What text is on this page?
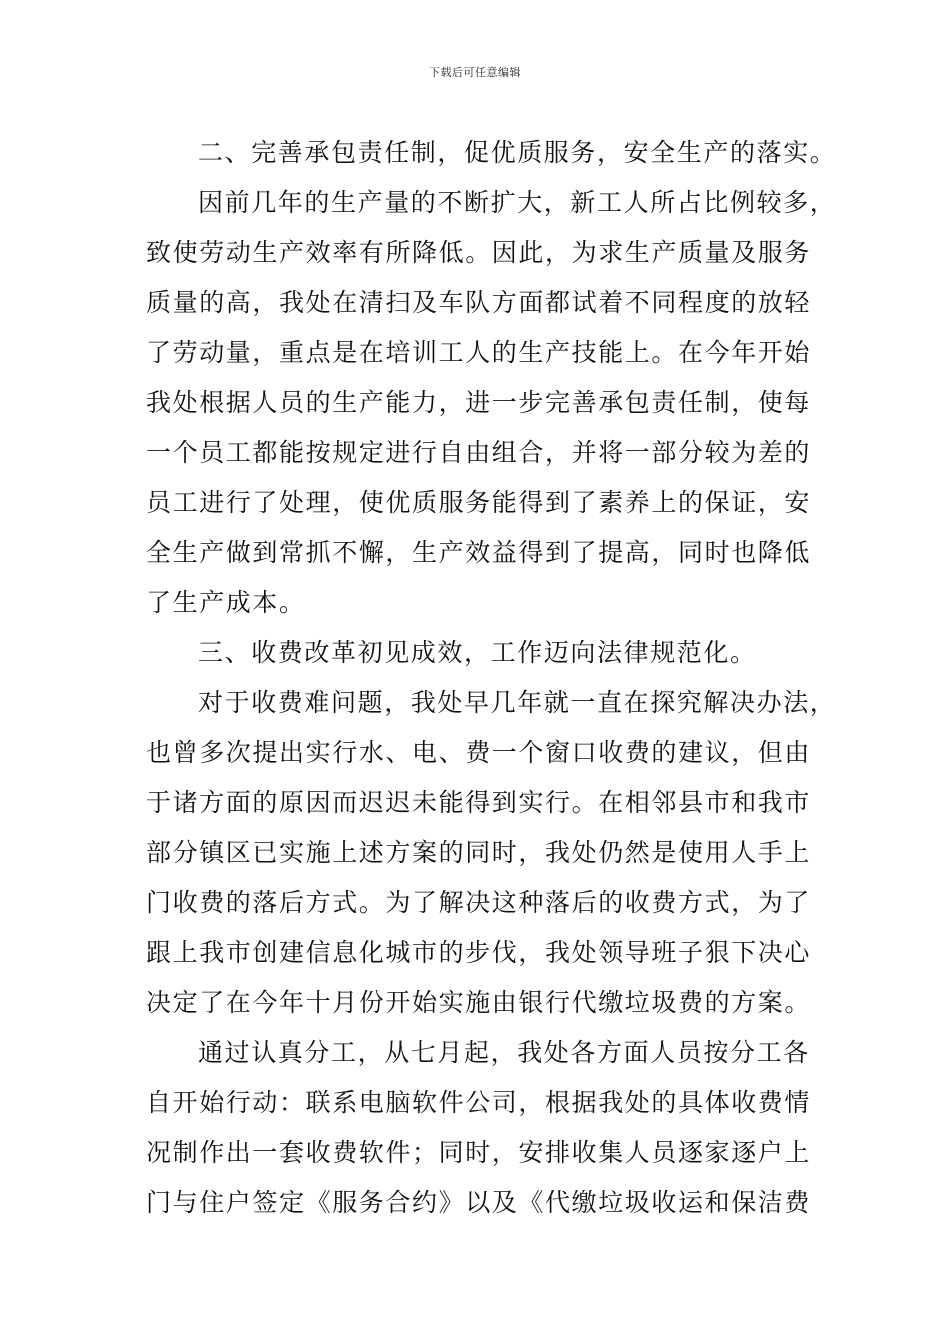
下载后可任意编辑
二、完善承包责任制，促优质服务，安全生产的落实。
因前几年的生产量的不断扩大，新工人所占比例较多，
致使劳动生产效率有所降低。因此，为求生产质量及服务
质量的高，我处在清扫及车队方面都试着不同程度的放轻
了劳动量，重点是在培训工人的生产技能上。在今年开始
我处根据人员的生产能力，进一步完善承包责任制，使每
一个员工都能按规定进行自由组合，并将一部分较为差的
员工进行了处理，使优质服务能得到了素养上的保证，安
全生产做到常抓不懈，生产效益得到了提高，同时也降低
了生产成本。
三、收费改革初见成效，工作迈向法律规范化。
对于收费难问题，我处早几年就一直在探究解决办法，
也曾多次提出实行水、电、费一个窗口收费的建议，但由
于诸方面的原因而迟迟未能得到实行。在相邻县市和我市
部分镇区已实施上述方案的同时，我处仍然是使用人手上
门收费的落后方式。为了解决这种落后的收费方式，为了
跟上我市创建信息化城市的步伐，我处领导班子狠下决心
决定了在今年十月份开始实施由银行代缴垃圾费的方案。
通过认真分工，从七月起，我处各方面人员按分工各
自开始行动：联系电脑软件公司，根据我处的具体收费情
况制作出一套收费软件；同时，安排收集人员逐家逐户上
门与住户签定《服务合约》以及《代缴垃圾收运和保洁费
